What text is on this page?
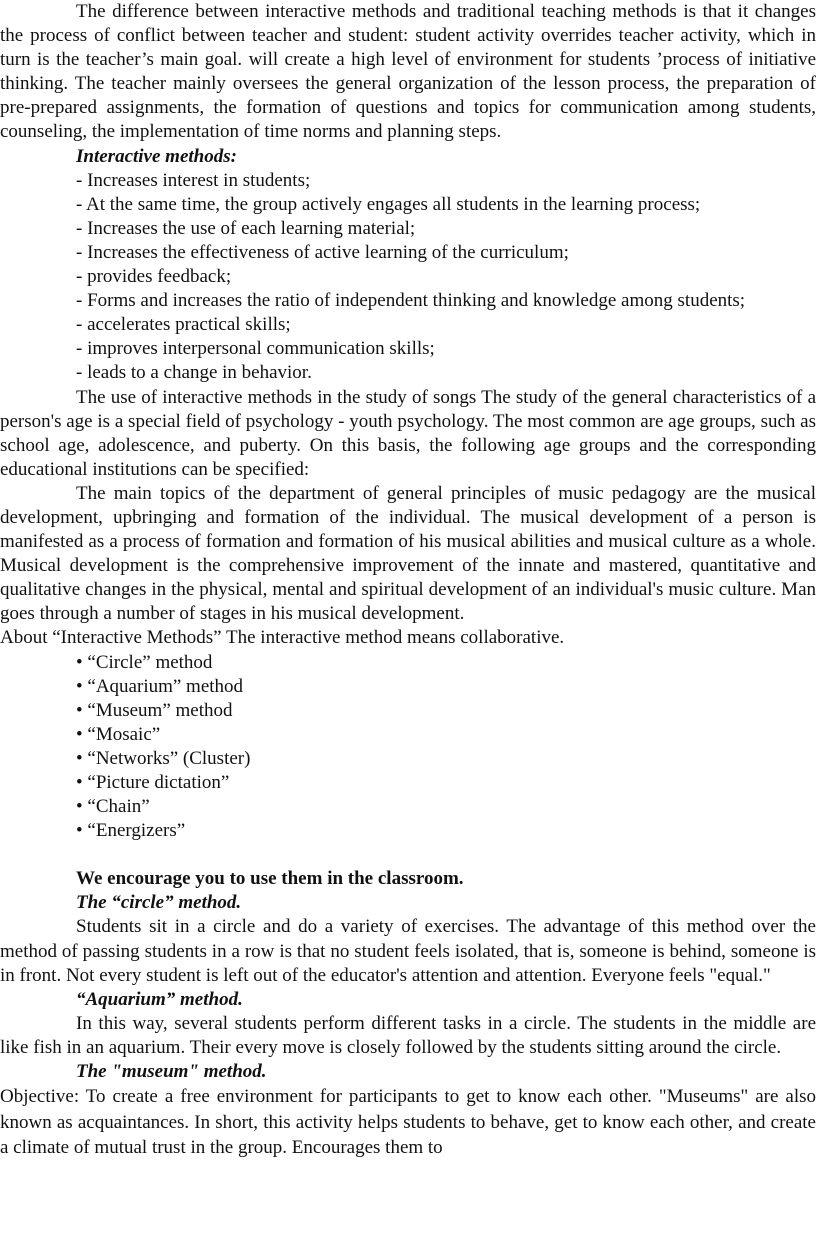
The difference between interactive methods and traditional teaching methods is that it changes the process of conflict between teacher and student: student activity overrides teacher activity, which in turn is the teacher’s main goal. will create a high level of environment for students ’process of initiative thinking. The teacher mainly oversees the general organization of the lesson process, the preparation of pre-prepared assignments, the formation of questions and topics for communication among students, counseling, the implementation of time norms and planning steps.

Interactive methods:

- Increases interest in students;

- At the same time, the group actively engages all students in the learning process;

- Increases the use of each learning material;

- Increases the effectiveness of active learning of the curriculum;

- provides feedback;

- Forms and increases the ratio of independent thinking and knowledge among students;

- accelerates practical skills;

- improves interpersonal communication skills;

- leads to a change in behavior.

The use of interactive methods in the study of songs The study of the general characteristics of a person's age is a special field of psychology - youth psychology. The most common are age groups, such as school age, adolescence, and puberty. On this basis, the following age groups and the corresponding educational institutions can be specified:

The main topics of the department of general principles of music pedagogy are the musical development, upbringing and formation of the individual. The musical development of a person is manifested as a process of formation and formation of his musical abilities and musical culture as a whole. Musical development is the comprehensive improvement of the innate and mastered, quantitative and qualitative changes in the physical, mental and spiritual development of an individual's music culture. Man goes through a number of stages in his musical development.

About “Interactive Methods” The interactive method means collaborative.

• “Circle” method

• “Aquarium” method

• “Museum” method

• “Mosaic”

• “Networks” (Cluster)

• “Picture dictation”

• “Chain”

• “Energizers”

We encourage you to use them in the classroom.

The “circle” method.

Students sit in a circle and do a variety of exercises. The advantage of this method over the method of passing students in a row is that no student feels isolated, that is, someone is behind, someone is in front. Not every student is left out of the educator's attention and attention. Everyone feels "equal."

“Aquarium” method.

In this way, several students perform different tasks in a circle. The students in the middle are like fish in an aquarium. Their every move is closely followed by the students sitting around the circle.

The "museum" method.

Objective: To create a free environment for participants to get to know each other. "Museums" are also known as acquaintances. In short, this activity helps students to behave, get to know each other, and create a climate of mutual trust in the group. Encourages them to
